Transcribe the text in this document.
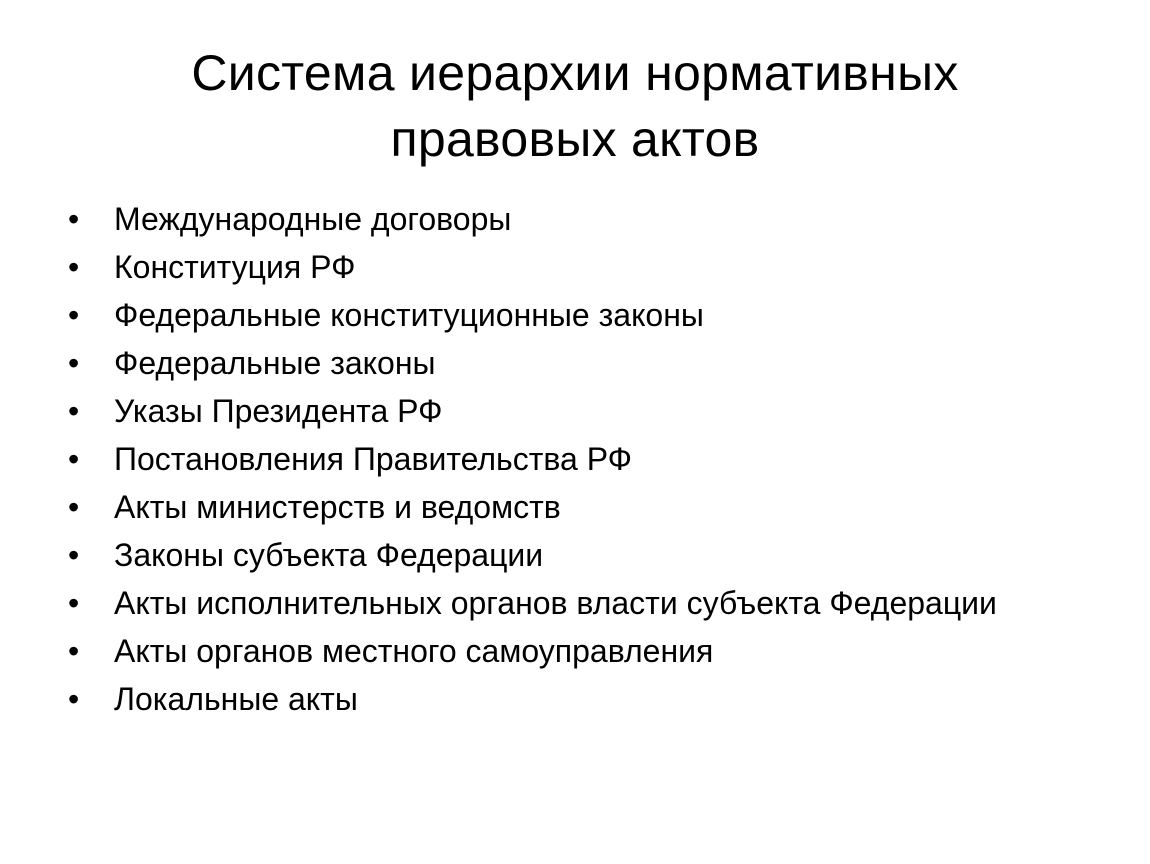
Система иерархии нормативных
правовых актов
•	Международные договоры
•	Конституция РФ
•	Федеральные конституционные законы
•	Федеральные законы
•	Указы Президента РФ
•	Постановления Правительства РФ
•	Акты министерств и ведомств
•	Законы субъекта Федерации
•	Акты исполнительных органов власти субъекта Федерации
•	Акты органов местного самоуправления
•	Локальные акты
